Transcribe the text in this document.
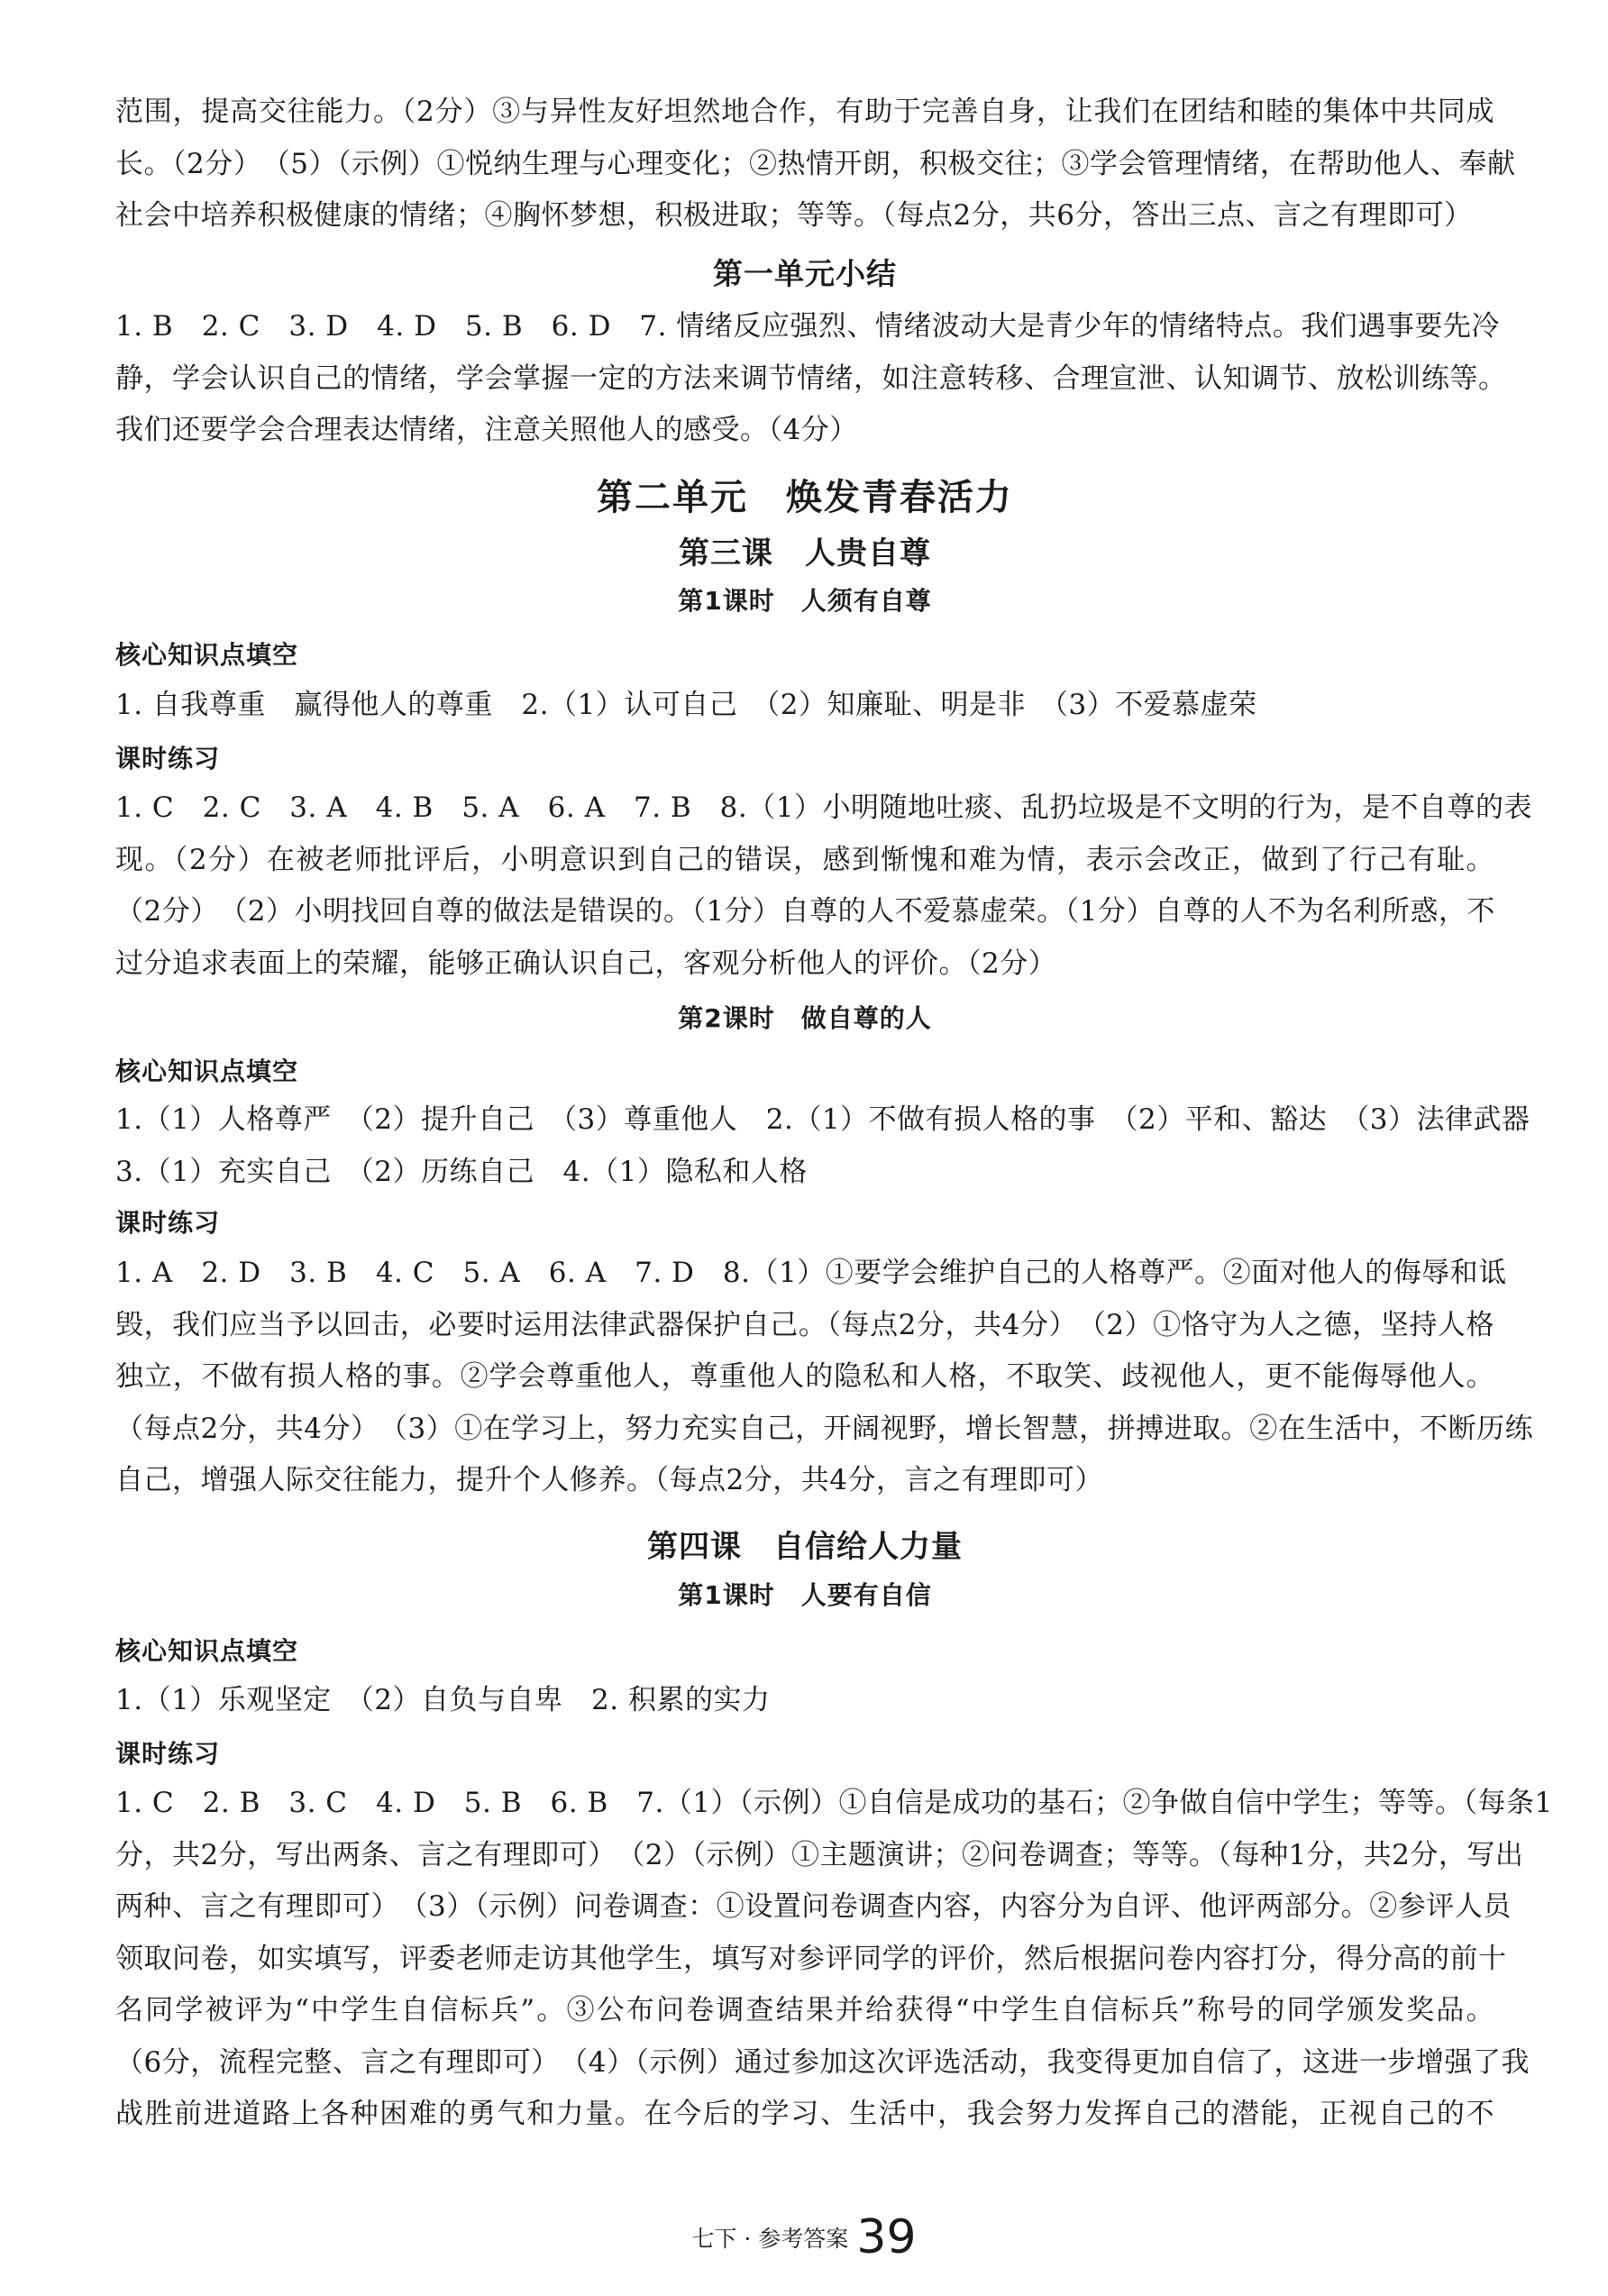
范围，提高交往能力。（2分）③与异性友好坦然地合作，有助于完善自身，让我们在团结和睦的集体中共同成
长。（2分）　（5）（示例）①悦纳生理与心理变化；②热情开朗，积极交往；③学会管理情绪，在帮助他人、奉献
社会中培养积极健康的情绪；④胸怀梦想，积极进取；等等。（每点2分，共6分，答出三点、言之有理即可）
第一单元小结
1. B　2. C　3. D　4. D　5. B　6. D　7. 情绪反应强烈、情绪波动大是青少年的情绪特点。我们遇事要先冷
静，学会认识自己的情绪，学会掌握一定的方法来调节情绪，如注意转移、合理宣泄、认知调节、放松训练等。
我们还要学会合理表达情绪，注意关照他人的感受。（4分）
第二单元　焕发青春活力
第三课　人贵自尊
第1课时　人须有自尊
核心知识点填空
1. 自我尊重　赢得他人的尊重　2.（1）认可自己　（2）知廉耻、明是非　（3）不爱慕虚荣
课时练习
1. C　2. C　3. A　4. B　5. A　6. A　7. B　8.（1）小明随地吐痰、乱扔垃圾是不文明的行为，是不自尊的表
现。（2分）在被老师批评后，小明意识到自己的错误，感到惭愧和难为情，表示会改正，做到了行己有耻。
（2分）　（2）小明找回自尊的做法是错误的。（1分）自尊的人不爱慕虚荣。（1分）自尊的人不为名利所惑，不
过分追求表面上的荣耀，能够正确认识自己，客观分析他人的评价。（2分）
第2课时　做自尊的人
核心知识点填空
1.（1）人格尊严　（2）提升自己　（3）尊重他人　2.（1）不做有损人格的事　（2）平和、豁达　（3）法律武器
3.（1）充实自己　（2）历练自己　4.（1）隐私和人格
课时练习
1. A　2. D　3. B　4. C　5. A　6. A　7. D　8.（1）①要学会维护自己的人格尊严。②面对他人的侮辱和诋
毁，我们应当予以回击，必要时运用法律武器保护自己。（每点2分，共4分）　（2）①恪守为人之德，坚持人格
独立，不做有损人格的事。②学会尊重他人，尊重他人的隐私和人格，不取笑、歧视他人，更不能侮辱他人。
（每点2分，共4分）　（3）①在学习上，努力充实自己，开阔视野，增长智慧，拼搏进取。②在生活中，不断历练
自己，增强人际交往能力，提升个人修养。（每点2分，共4分，言之有理即可）
第四课　自信给人力量
第1课时　人要有自信
核心知识点填空
1.（1）乐观坚定　（2）自负与自卑　2. 积累的实力
课时练习
1. C　2. B　3. C　4. D　5. B　6. B　7.（1）（示例）①自信是成功的基石；②争做自信中学生；等等。（每条1
分，共2分，写出两条、言之有理即可）　（2）（示例）①主题演讲；②问卷调查；等等。（每种1分，共2分，写出
两种、言之有理即可）　（3）（示例）问卷调查：①设置问卷调查内容，内容分为自评、他评两部分。②参评人员
领取问卷，如实填写，评委老师走访其他学生，填写对参评同学的评价，然后根据问卷内容打分，得分高的前十
名同学被评为“中学生自信标兵”。③公布问卷调查结果并给获得“中学生自信标兵”称号的同学颁发奖品。
（6分，流程完整、言之有理即可）　（4）（示例）通过参加这次评选活动，我变得更加自信了，这进一步增强了我
战胜前进道路上各种困难的勇气和力量。在今后的学习、生活中，我会努力发挥自己的潜能，正视自己的不
七下 · 参考答案 39
